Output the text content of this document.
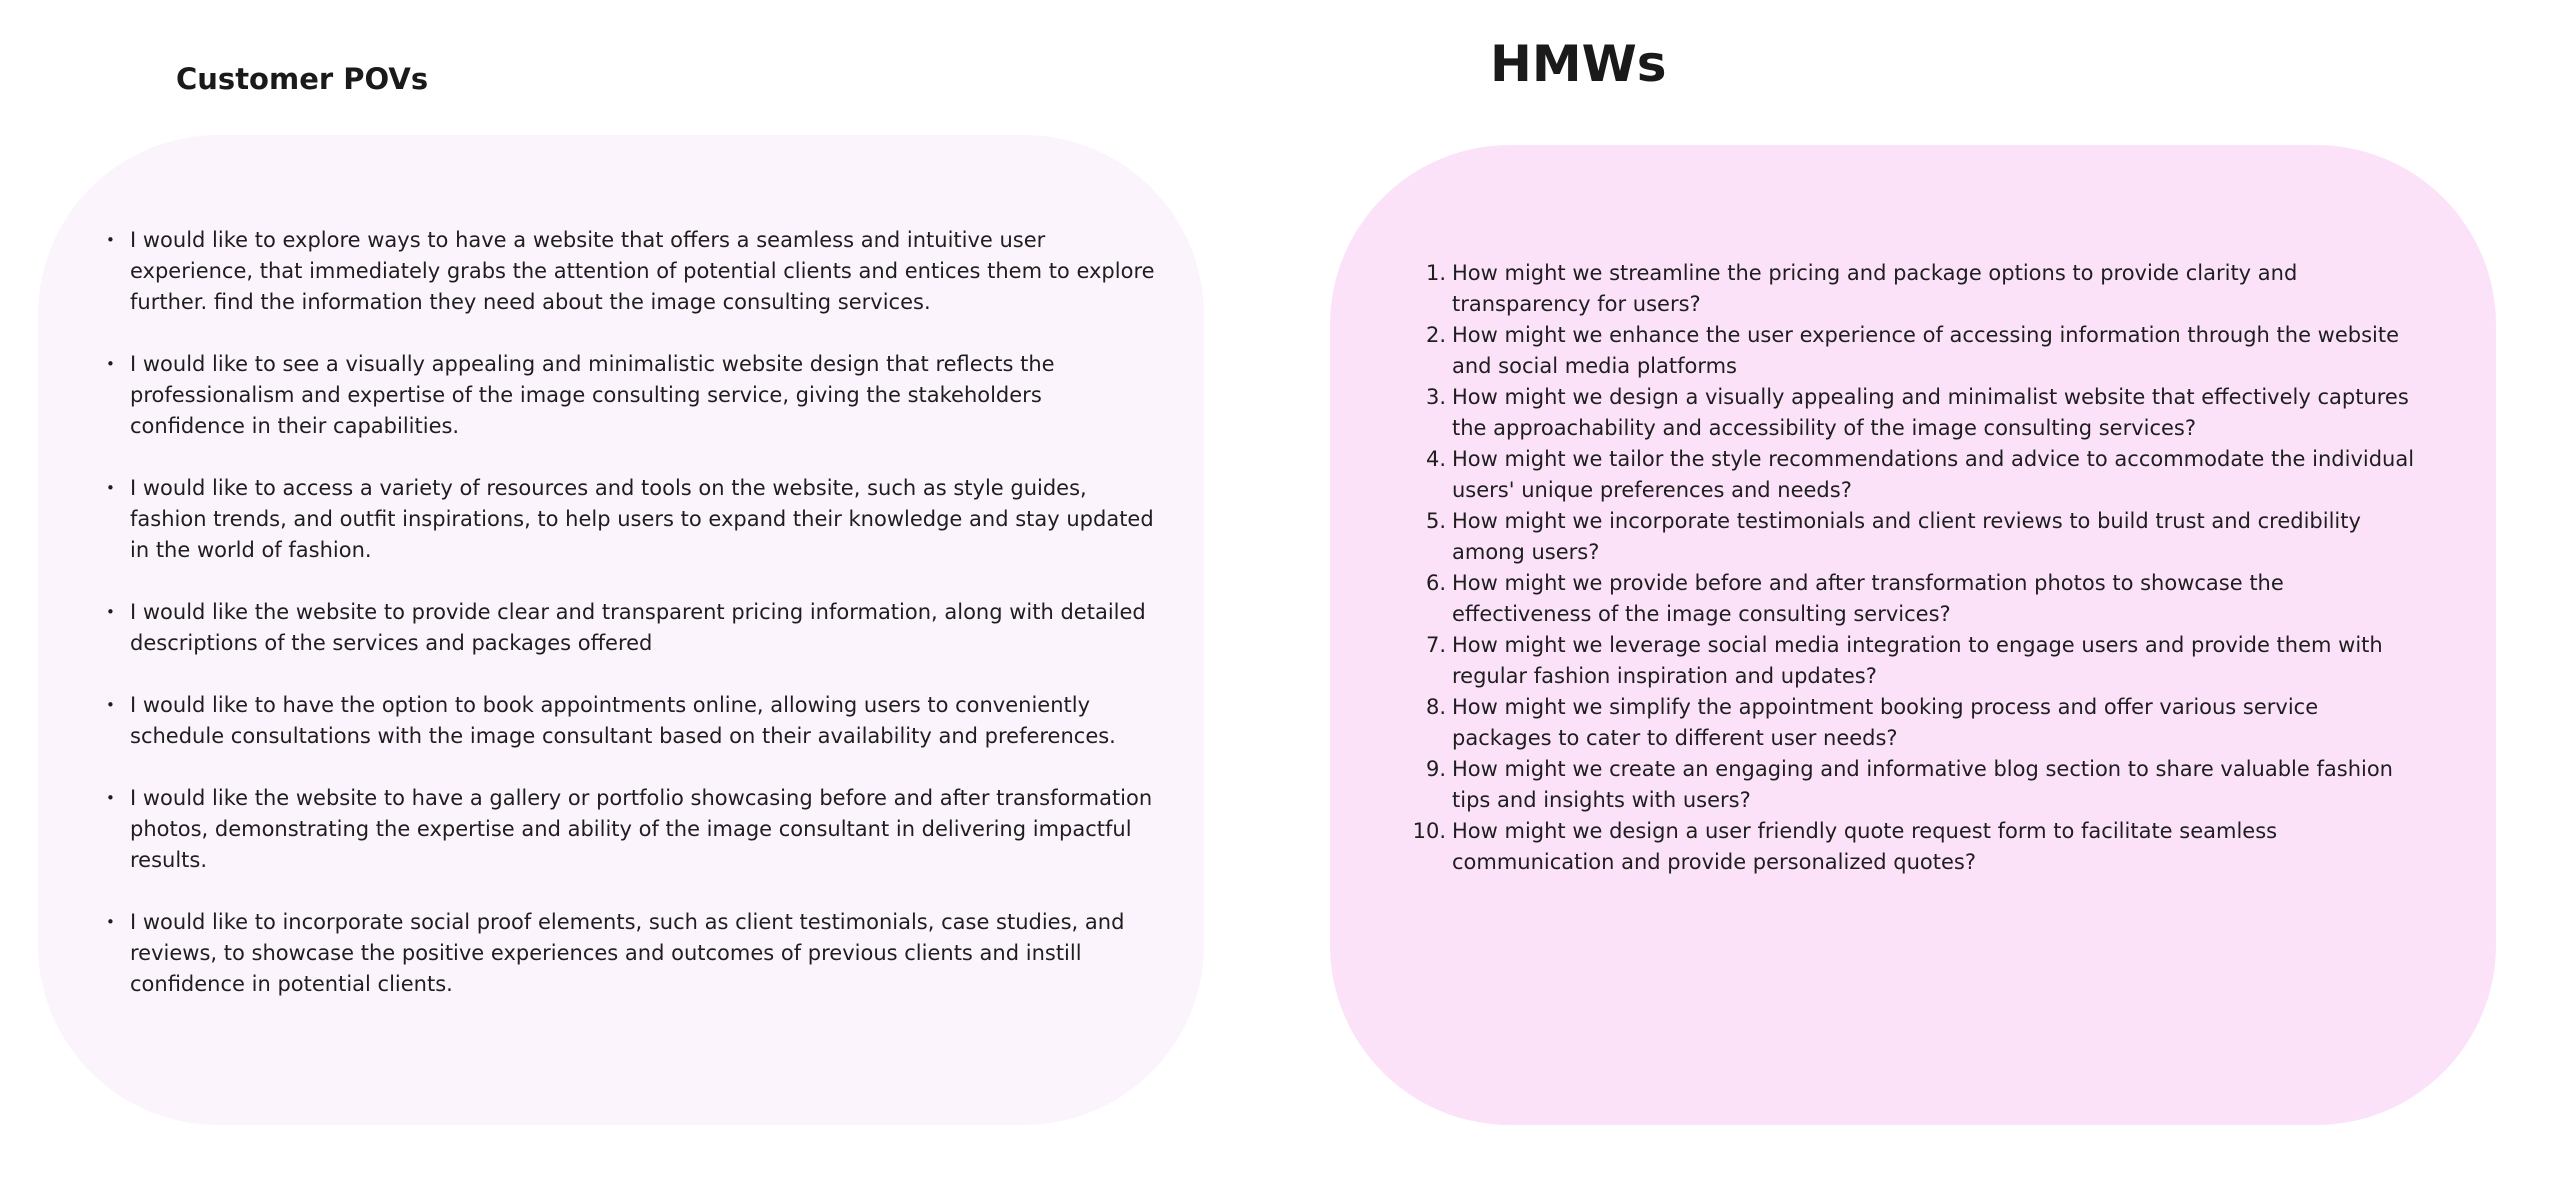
Customer POVs	HMWs
• I would like to explore ways to have a website that offers a seamless and intuitive user experience, that immediately grabs the attention of potential clients and entices them to explore further. find the information they need about the image consulting services.
• I would like to see a visually appealing and minimalistic website design that reflects the professionalism and expertise of the image consulting service, giving the stakeholders confidence in their capabilities.
• I would like to access a variety of resources and tools on the website, such as style guides, fashion trends, and outfit inspirations, to help users to expand their knowledge and stay updated in the world of fashion.
• I would like the website to provide clear and transparent pricing information, along with detailed descriptions of the services and packages offered
• I would like to have the option to book appointments online, allowing users to conveniently schedule consultations with the image consultant based on their availability and preferences.
• I would like the website to have a gallery or portfolio showcasing before and after transformation photos, demonstrating the expertise and ability of the image consultant in delivering impactful results.
• I would like to incorporate social proof elements, such as client testimonials, case studies, and reviews, to showcase the positive experiences and outcomes of previous clients and instill confidence in potential clients.
1. How might we streamline the pricing and package options to provide clarity and transparency for users?
2. How might we enhance the user experience of accessing information through the website and social media platforms
3. How might we design a visually appealing and minimalist website that effectively captures the approachability and accessibility of the image consulting services?
4. How might we tailor the style recommendations and advice to accommodate the individual users' unique preferences and needs?
5. How might we incorporate testimonials and client reviews to build trust and credibility among users?
6. How might we provide before and after transformation photos to showcase the effectiveness of the image consulting services?
7. How might we leverage social media integration to engage users and provide them with regular fashion inspiration and updates?
8. How might we simplify the appointment booking process and offer various service packages to cater to different user needs?
9. How might we create an engaging and informative blog section to share valuable fashion tips and insights with users?
10. How might we design a user friendly quote request form to facilitate seamless communication and provide personalized quotes?
